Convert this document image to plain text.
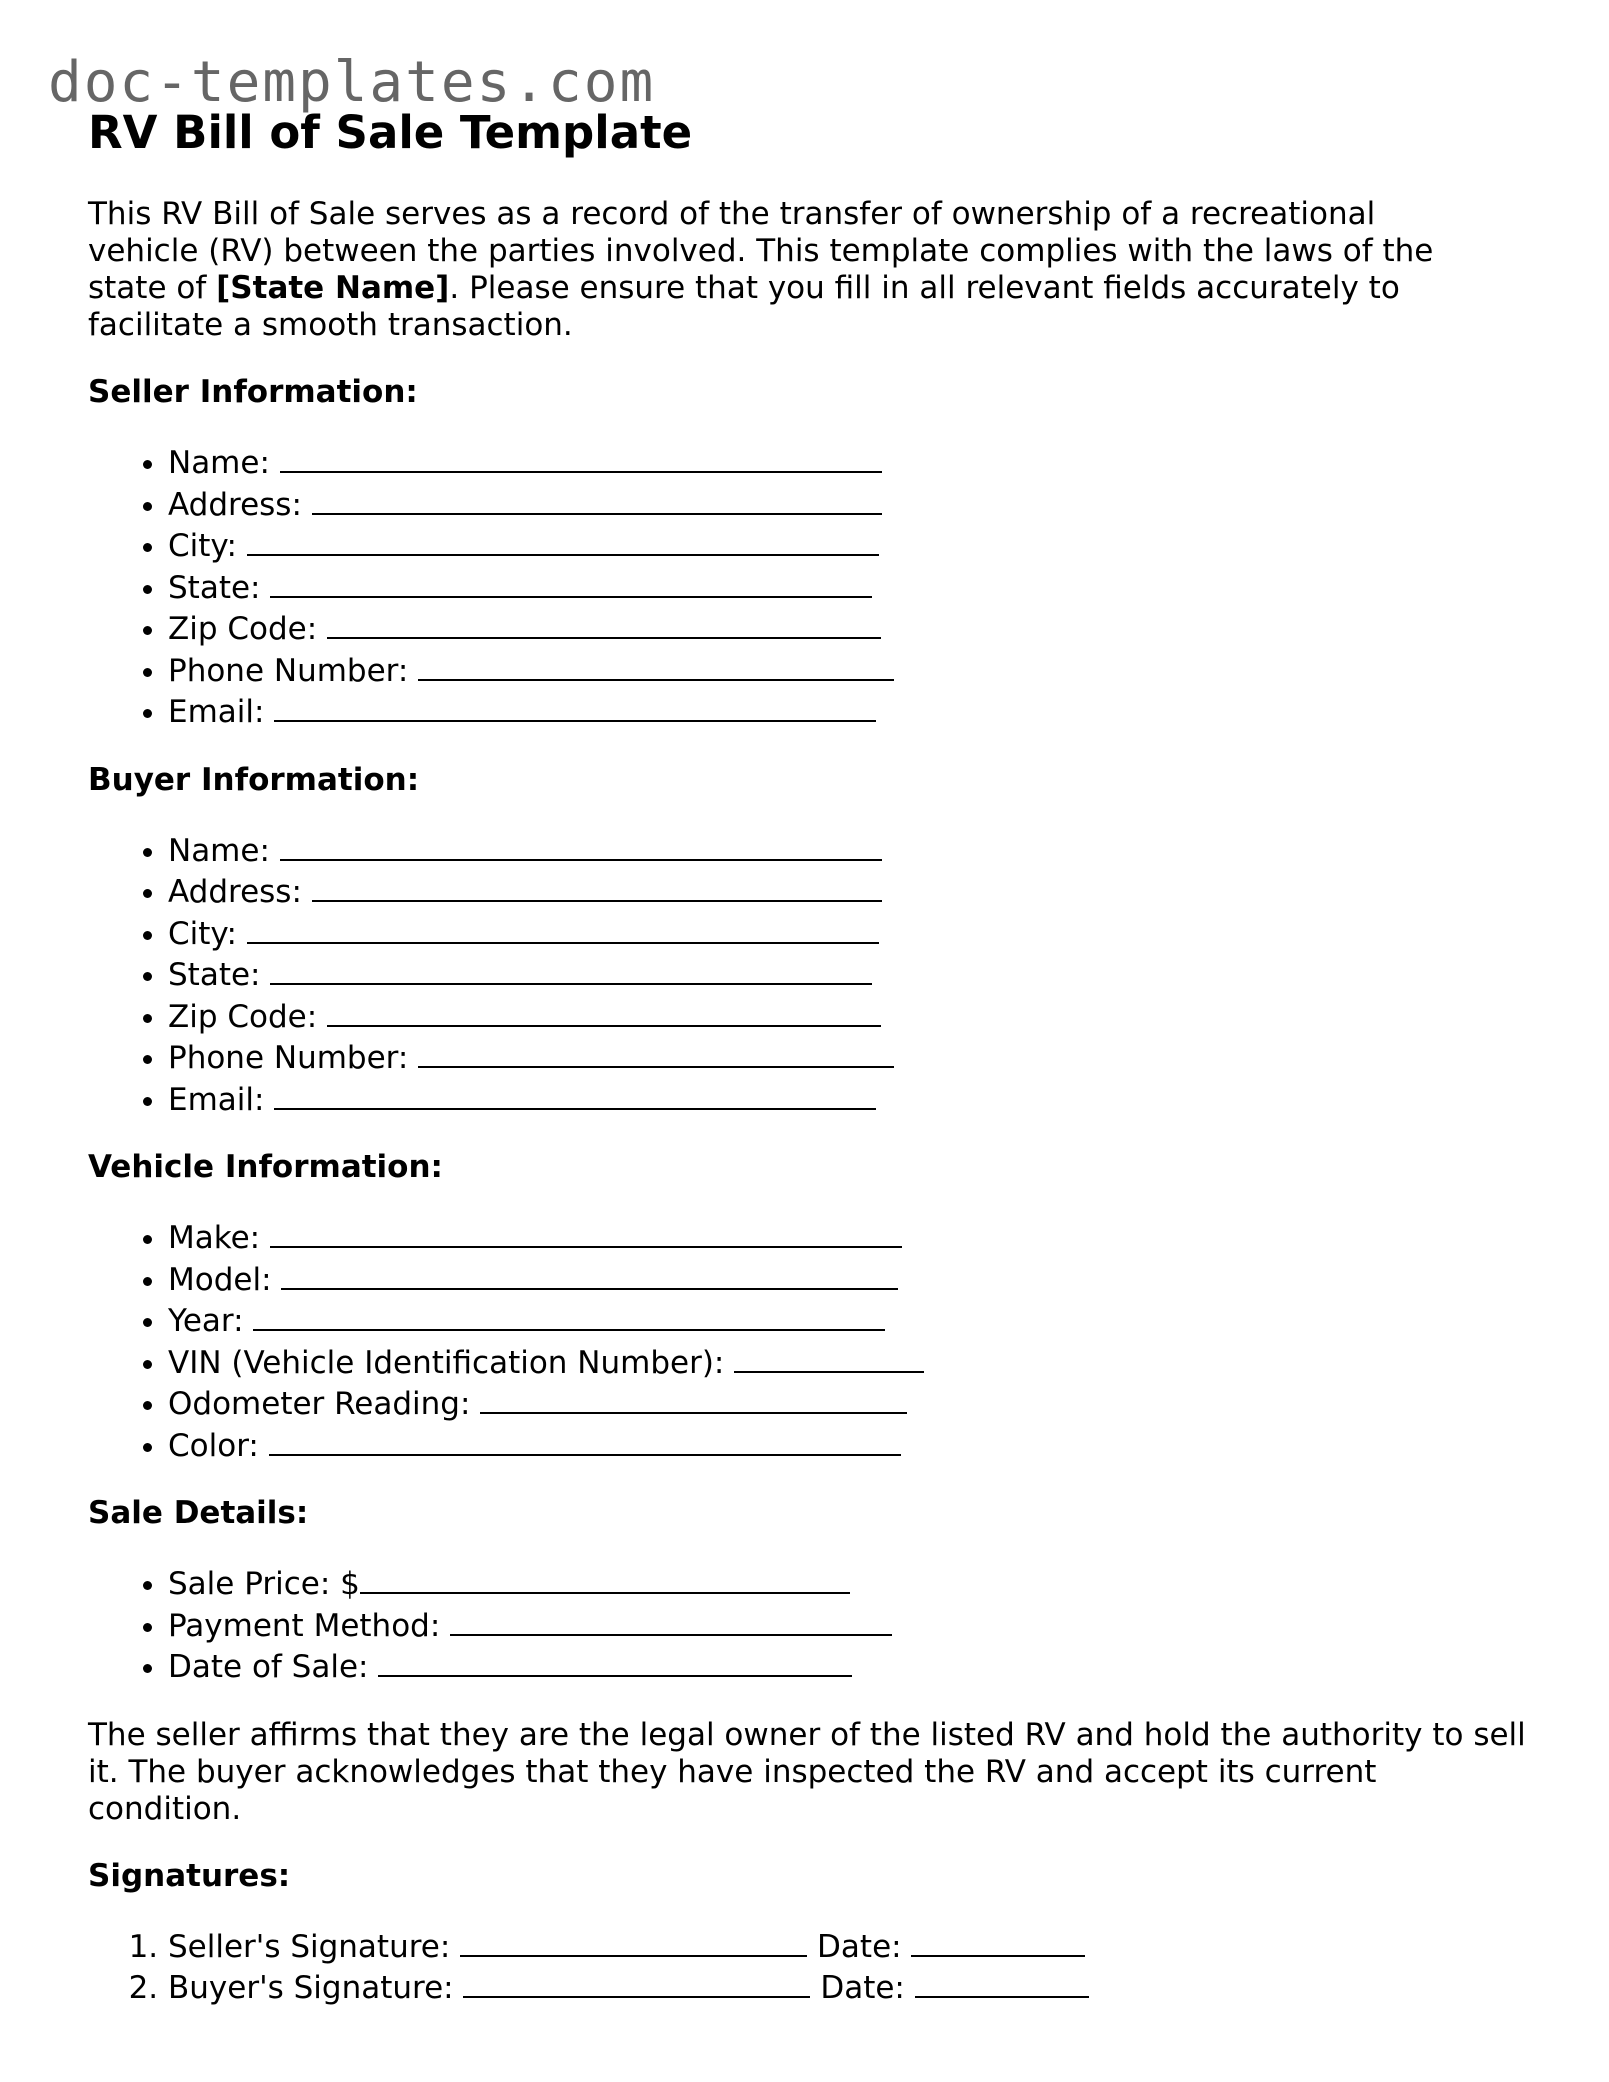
doc-templates.com
RV Bill of Sale Template

This RV Bill of Sale serves as a record of the transfer of ownership of a recreational vehicle (RV) between the parties involved. This template complies with the laws of the state of [State Name]. Please ensure that you fill in all relevant fields accurately to facilitate a smooth transaction.

Seller Information:
• Name:
• Address:
• City:
• State:
• Zip Code:
• Phone Number:
• Email:
Buyer Information:
• Name:
• Address:
• City:
• State:
• Zip Code:
• Phone Number:
• Email:
Vehicle Information:
• Make:
• Model:
• Year:
• VIN (Vehicle Identification Number):
• Odometer Reading:
• Color:
Sale Details:
• Sale Price: $
• Payment Method:
• Date of Sale:

The seller affirms that they are the legal owner of the listed RV and hold the authority to sell it. The buyer acknowledges that they have inspected the RV and accept its current condition.

Signatures:
1. Seller's Signature:	Date:
2. Buyer's Signature:	Date:
